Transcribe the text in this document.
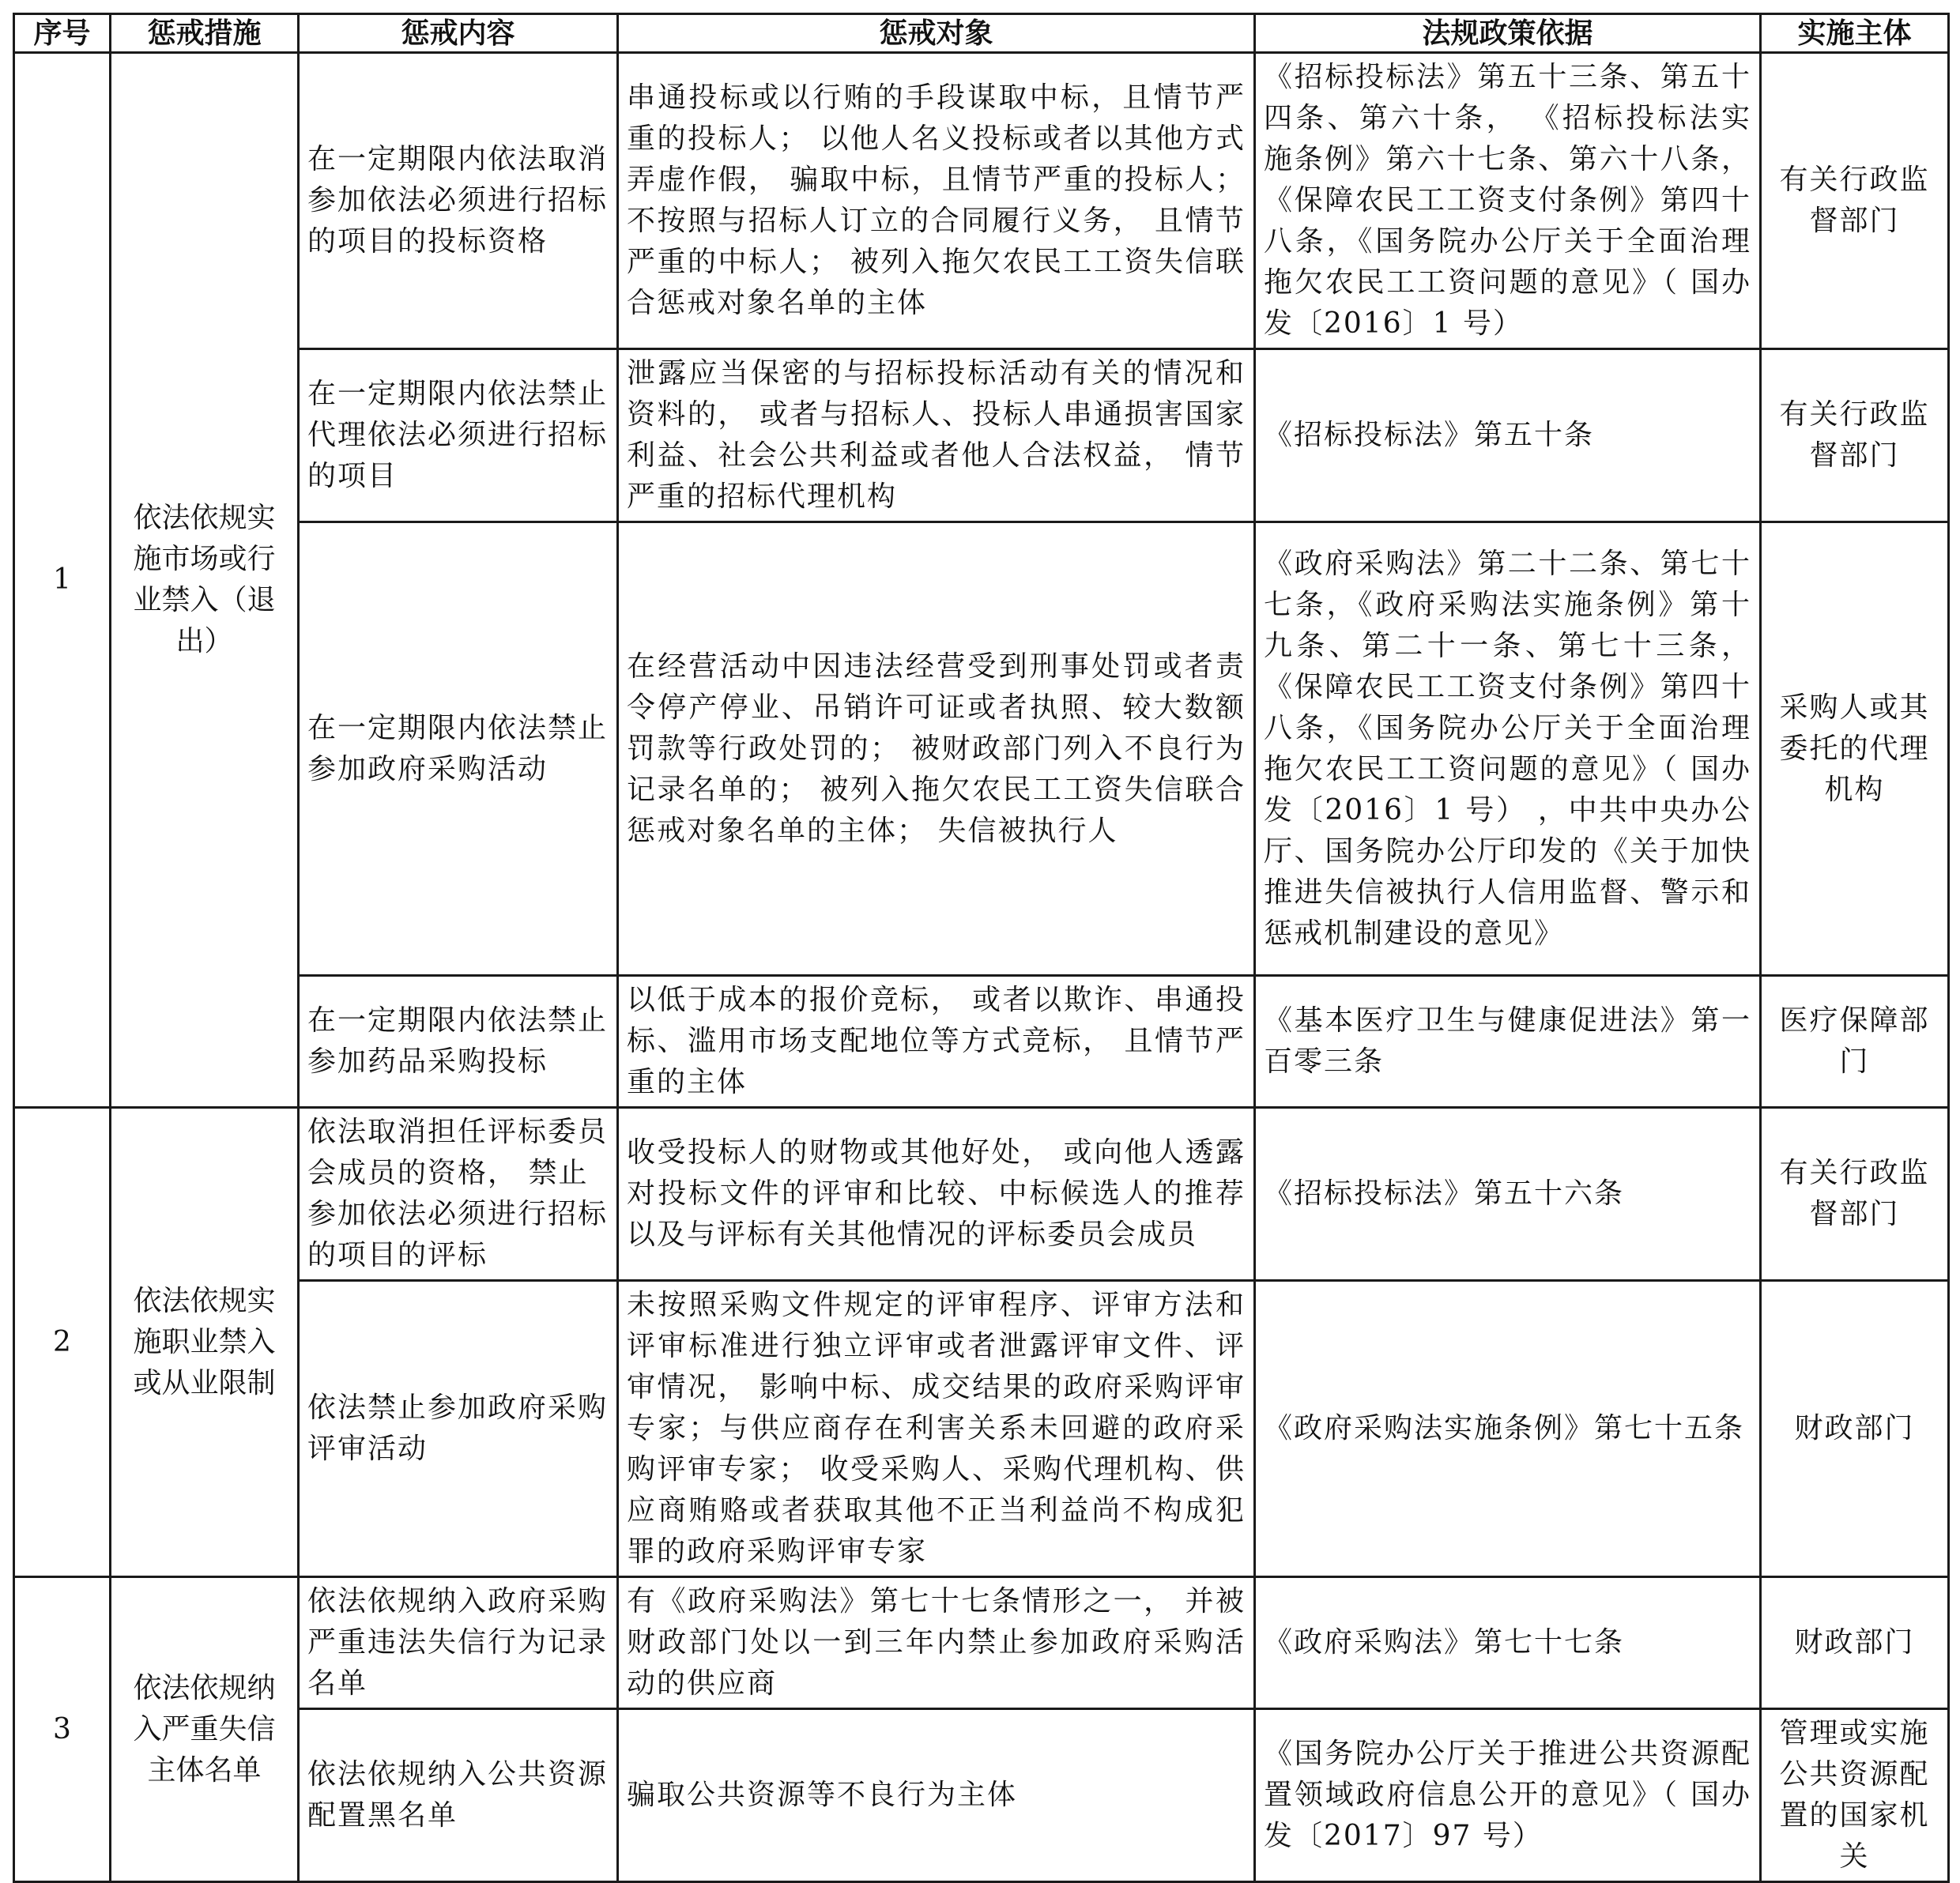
序号	惩戒措施	惩戒内容	惩戒对象	法规政策依据	实施主体
1	依法依规实施市场或行业禁入（退出）	在一定期限内依法取消参加依法必须进行招标的项目的投标资格	串通投标或以行贿的手段谋取中标，且情节严重的投标人； 以他人名义投标或者以其他方式弄虚作假， 骗取中标，且情节严重的投标人；不按照与招标人订立的合同履行义务， 且情节严重的中标人； 被列入拖欠农民工工资失信联合惩戒对象名单的主体	《招标投标法》第五十三条、第五十四条、第六十条， 《招标投标法实施条例》第六十七条、第六十八条，《保障农民工工资支付条例》第四十八条，《国务院办公厅关于全面治理拖欠农民工工资问题的意见》（ 国办发〔2016〕1 号）	有关行政监督部门
		在一定期限内依法禁止代理依法必须进行招标的项目	泄露应当保密的与招标投标活动有关的情况和资料的， 或者与招标人、投标人串通损害国家利益、社会公共利益或者他人合法权益， 情节严重的招标代理机构	《招标投标法》第五十条	有关行政监督部门
		在一定期限内依法禁止参加政府采购活动	在经营活动中因违法经营受到刑事处罚或者责令停产停业、吊销许可证或者执照、较大数额罚款等行政处罚的； 被财政部门列入不良行为记录名单的； 被列入拖欠农民工工资失信联合惩戒对象名单的主体； 失信被执行人	《政府采购法》第二十二条、第七十七条，《政府采购法实施条例》第十九条、第二十一条、第七十三条，《保障农民工工资支付条例》第四十八条，《国务院办公厅关于全面治理拖欠农民工工资问题的意见》（ 国办发〔2016〕1 号） ，中共中央办公厅、国务院办公厅印发的《关于加快推进失信被执行人信用监督、警示和惩戒机制建设的意见》	采购人或其委托的代理机构
		在一定期限内依法禁止参加药品采购投标	以低于成本的报价竞标， 或者以欺诈、串通投标、滥用市场支配地位等方式竞标， 且情节严重的主体	《基本医疗卫生与健康促进法》第一百零三条	医疗保障部门
2	依法依规实施职业禁入或从业限制	依法取消担任评标委员会成员的资格， 禁止参加依法必须进行招标的项目的评标	收受投标人的财物或其他好处， 或向他人透露对投标文件的评审和比较、中标候选人的推荐以及与评标有关其他情况的评标委员会成员	《招标投标法》第五十六条	有关行政监督部门
		依法禁止参加政府采购评审活动	未按照采购文件规定的评审程序、评审方法和评审标准进行独立评审或者泄露评审文件、评审情况， 影响中标、成交结果的政府采购评审专家；与供应商存在利害关系未回避的政府采购评审专家； 收受采购人、采购代理机构、供应商贿赂或者获取其他不正当利益尚不构成犯罪的政府采购评审专家	《政府采购法实施条例》第七十五条	财政部门
3	依法依规纳入严重失信主体名单	依法依规纳入政府采购严重违法失信行为记录名单	有《政府采购法》第七十七条情形之一， 并被财政部门处以一到三年内禁止参加政府采购活动的供应商	《政府采购法》第七十七条	财政部门
		依法依规纳入公共资源配置黑名单	骗取公共资源等不良行为主体	《国务院办公厅关于推进公共资源配置领域政府信息公开的意见》（ 国办发〔2017〕97 号）	管理或实施公共资源配置的国家机关
